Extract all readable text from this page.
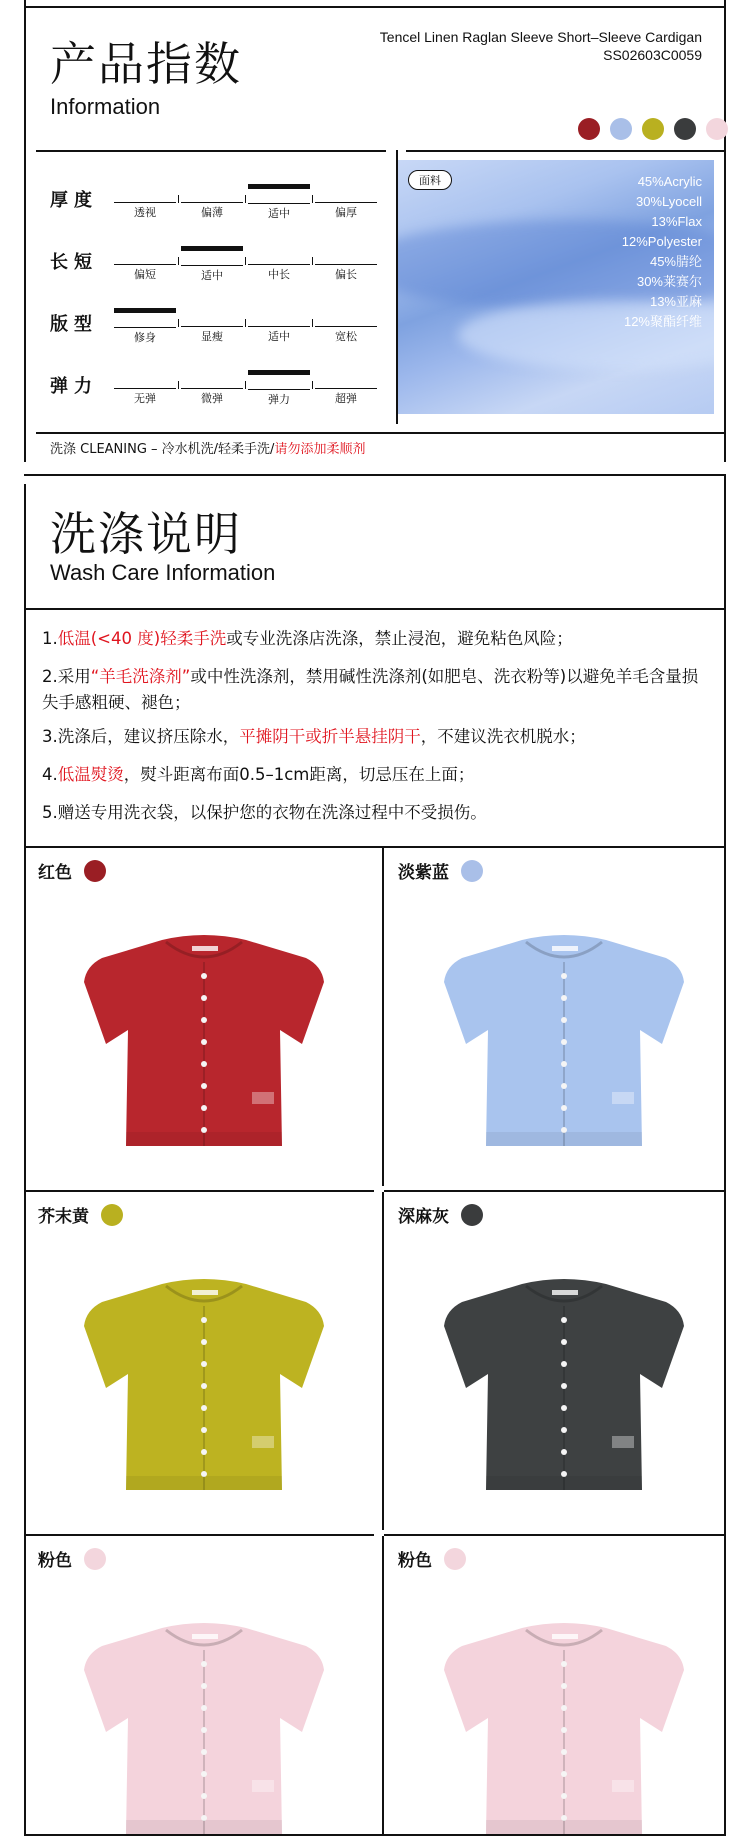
产品指数
Information
Tencel Linen Raglan Sleeve Short–Sleeve Cardigan
SS02603C0059
厚度
透视	偏薄	适中	偏厚
长短
偏短	适中	中长	偏长
版型
修身	显瘦	适中	宽松
弹力
无弹	微弹	弹力	超弹
面料	45%Acrylic
30%Lyocell
13%Flax
12%Polyester
45%腈纶
30%莱赛尔
13%亚麻
12%聚酯纤维
洗涤 CLEANING – 冷水机洗/轻柔手洗/请勿添加柔顺剂
洗涤说明
Wash Care Information
1.低温(<40 度)轻柔手洗或专业洗涤店洗涤，禁止浸泡，避免粘色风险；
2.采用“羊毛洗涤剂”或中性洗涤剂，禁用碱性洗涤剂(如肥皂、洗衣粉等)以避免羊毛含量损失手感粗硬、褪色；
3.洗涤后，建议挤压除水，平摊阴干或折半悬挂阴干，不建议洗衣机脱水；
4.低温熨烫，熨斗距离布面0.5–1cm距离，切忌压在上面；
5.赠送专用洗衣袋，以保护您的衣物在洗涤过程中不受损伤。
红色	淡紫蓝
芥末黄	深麻灰
粉色	粉色
